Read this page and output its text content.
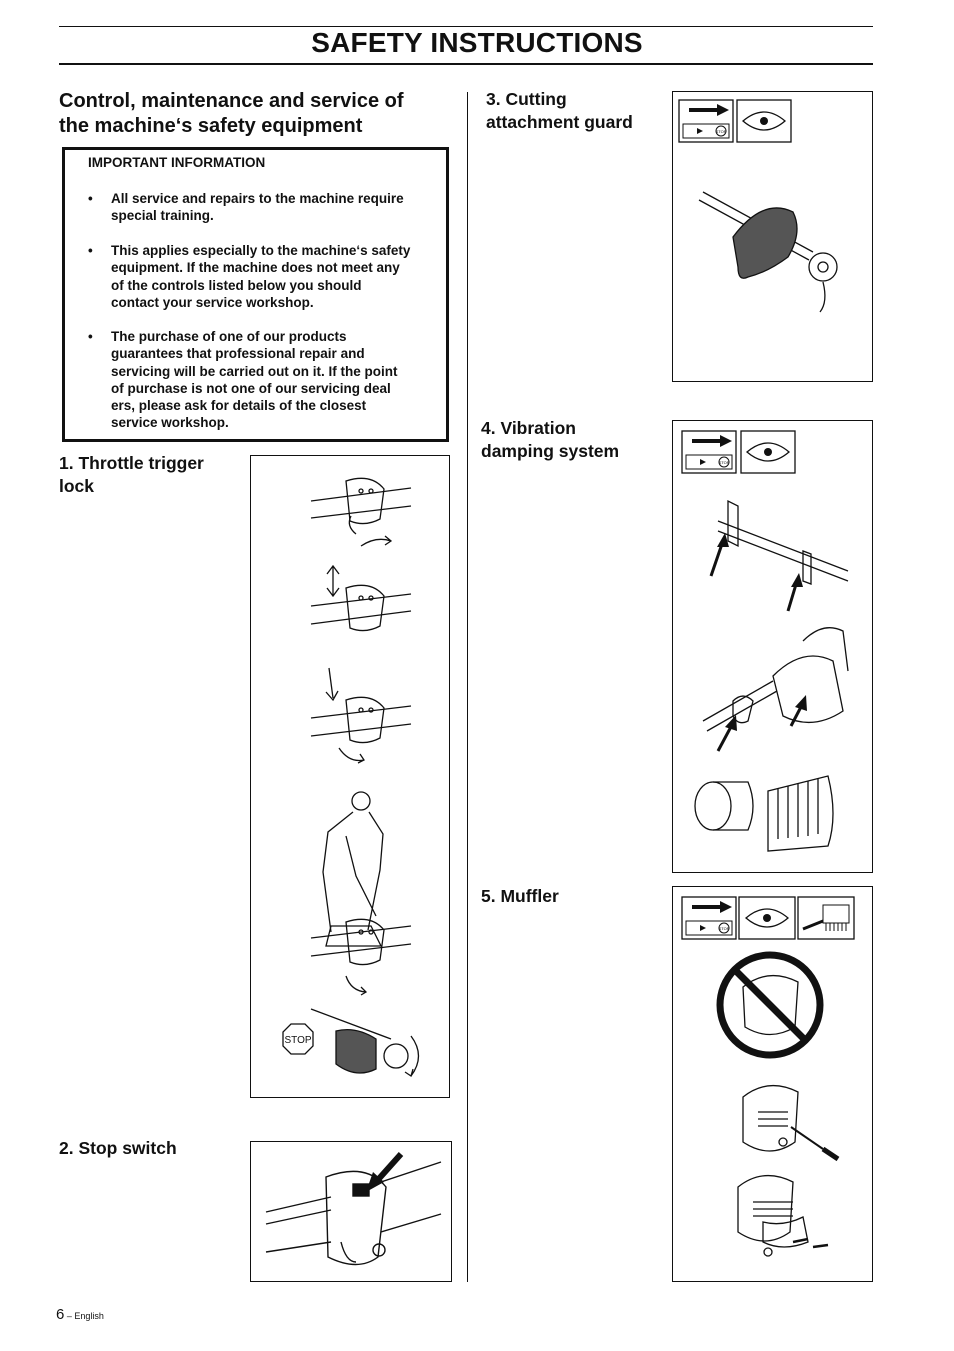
SAFETY INSTRUCTIONS
Control, maintenance and service of
the machine‘s safety equipment
IMPORTANT INFORMATION
• All service and repairs to the machine require
special training.
• This applies especially to the machine‘s safety
equipment. If the machine does not meet any
of the controls listed below you should
contact your service workshop.
• The purchase of one of our products
guarantees that professional repair and
servicing will be carried out on it. If the point
of purchase is not one of our servicing deal
ers, please ask for details of the closest
service workshop.
1. Throttle trigger
lock
2. Stop switch
3. Cutting
attachment guard
4. Vibration
damping system
5. Muffler
STOP
STOP
STOP
STOP
6 – English
